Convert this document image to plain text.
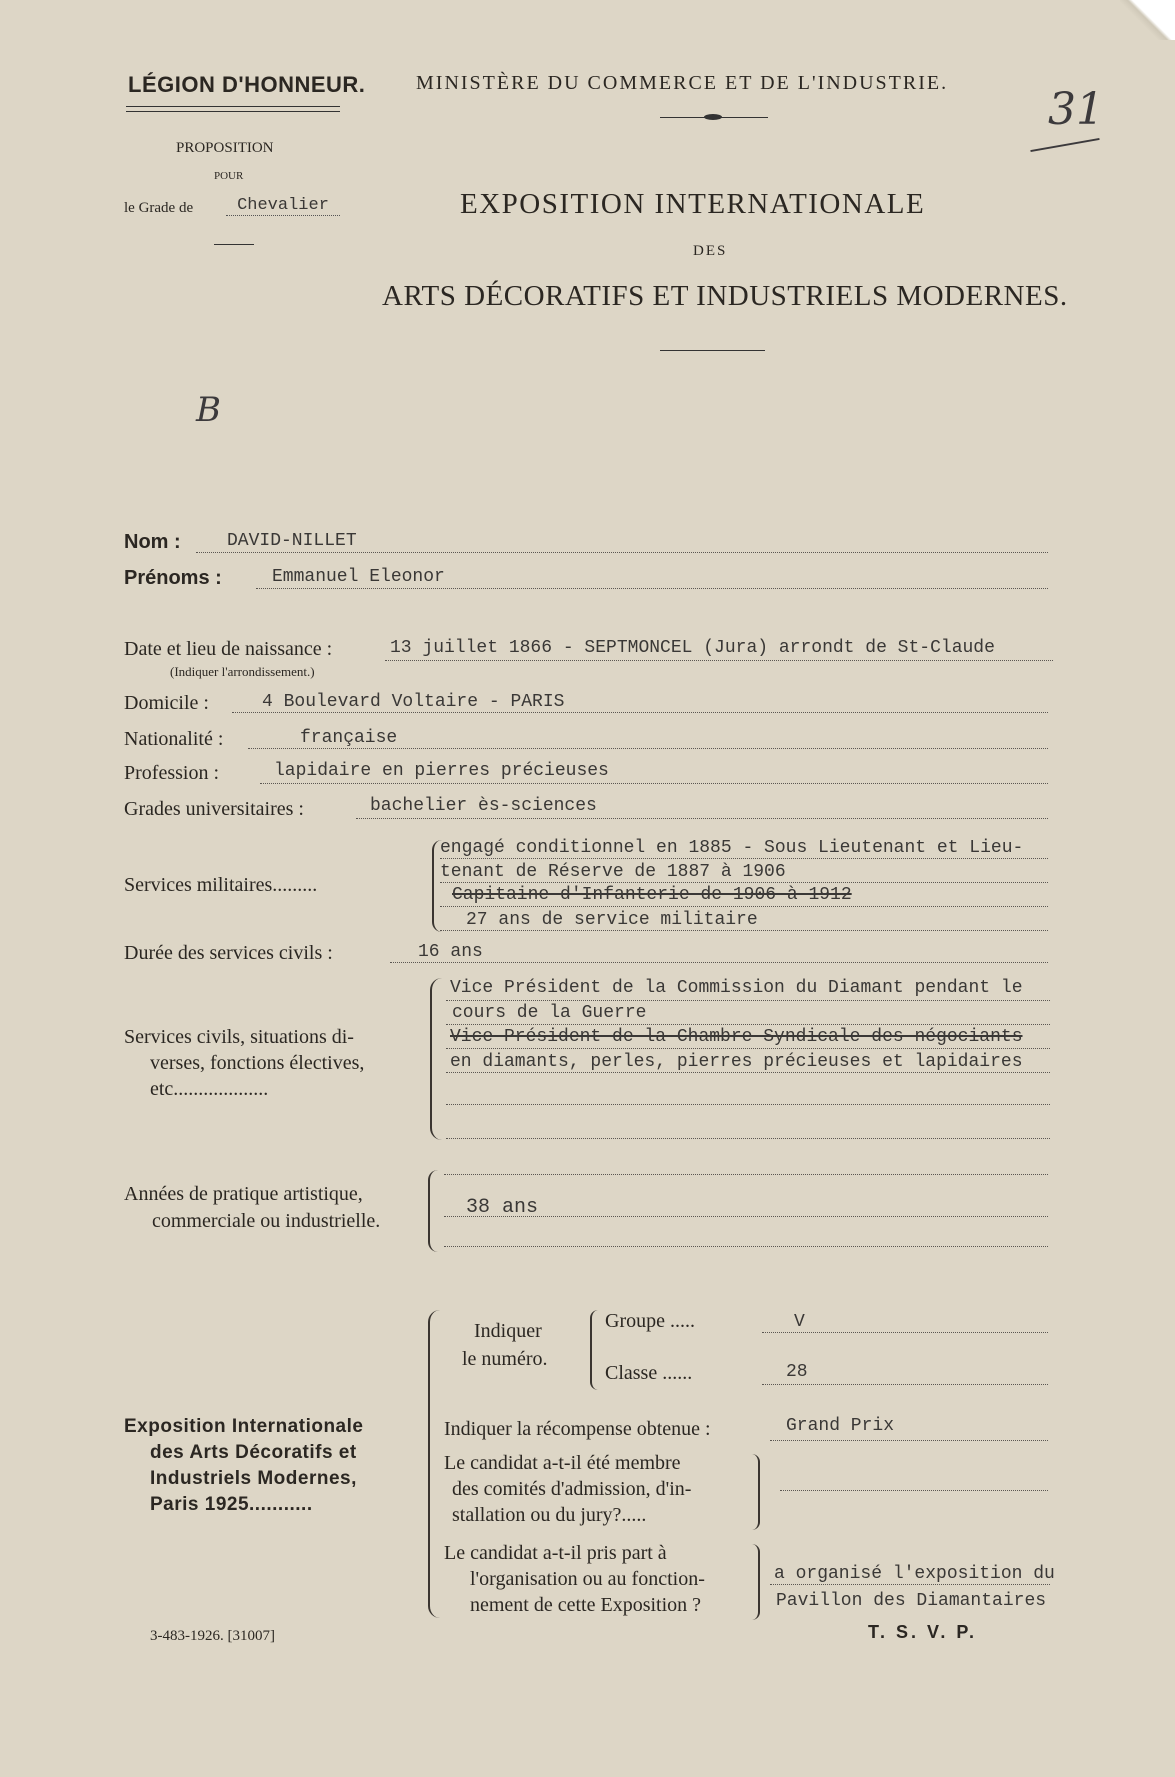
LÉGION D'HONNEUR.	MINISTÈRE DU COMMERCE ET DE L'INDUSTRIE.
31
PROPOSITION
POUR
le Grade de	Chevalier	EXPOSITION INTERNATIONALE
DES
ARTS DÉCORATIFS ET INDUSTRIELS MODERNES.
B
Nom :	DAVID-NILLET
Prénoms :	Emmanuel Eleonor
Date et lieu de naissance :	13 juillet 1866 - SEPTMONCEL (Jura) arrondt de St-Claude
(Indiquer l'arrondissement.)
Domicile :	4 Boulevard Voltaire - PARIS
Nationalité :	française
Profession :	lapidaire en pierres précieuses
Grades universitaires :	bachelier ès-sciences
Services militaires.........
engagé conditionnel en 1885 - Sous Lieutenant et Lieu-
tenant de Réserve de 1887 à 1906
Capitaine d'Infanterie de 1906 à 1912
27 ans de service militaire
Durée des services civils :	16 ans
Services civils, situations di-
verses, fonctions électives,
etc...................
Vice Président de la Commission du Diamant pendant le
cours de la Guerre
Vice-Président de la Chambre Syndicale des négociants
en diamants, perles, pierres précieuses et lapidaires
Années de pratique artistique,
commerciale ou industrielle.
38 ans
Exposition Internationale
des Arts Décoratifs et
Industriels Modernes,
Paris 1925...........
Indiquer
le numéro.
Groupe .....	V
Classe ......	28
Indiquer la récompense obtenue :	Grand Prix
Le candidat a-t-il été membre
des comités d'admission, d'in-
stallation ou du jury?.....
Le candidat a-t-il pris part à
l'organisation ou au fonction-
nement de cette Exposition ?
a organisé l'exposition du
Pavillon des Diamantaires
3-483-1926. [31007]	T. S. V. P.
